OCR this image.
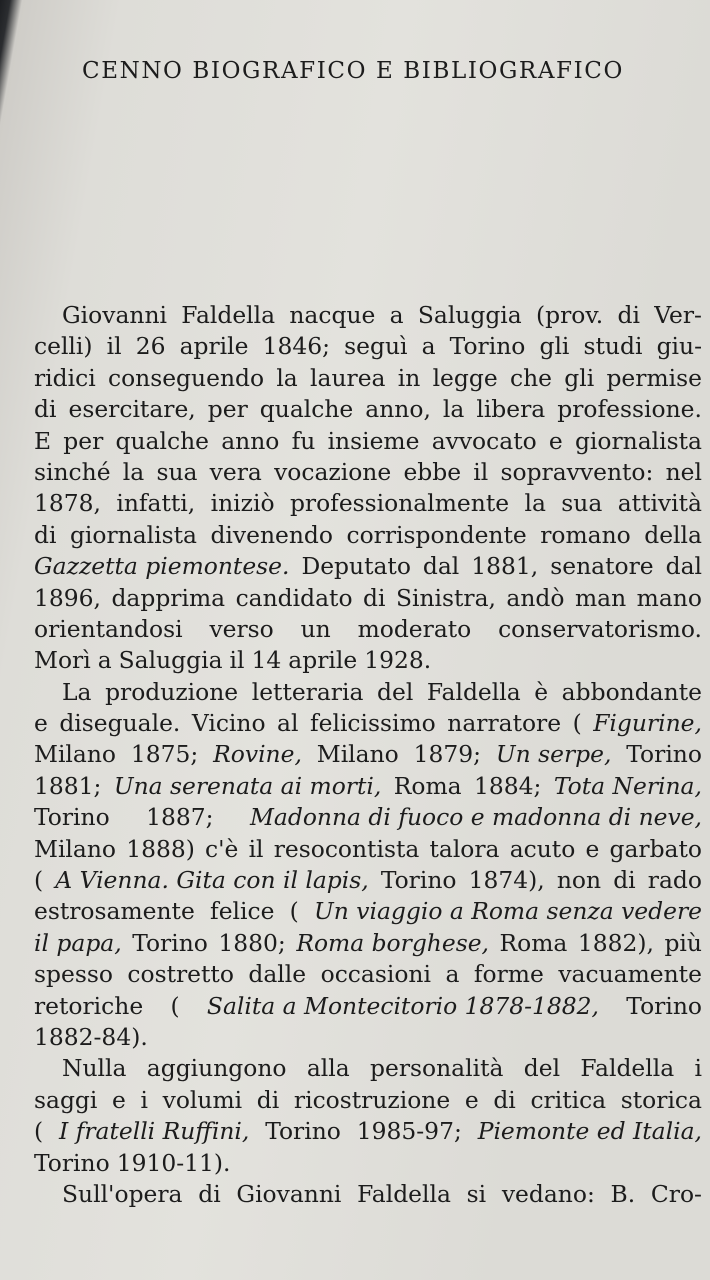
CENNO BIOGRAFICO E BIBLIOGRAFICO
Giovanni Faldella nacque a Saluggia (prov. di Ver-
celli) il 26 aprile 1846; seguì a Torino gli studi giu-
ridici conseguendo la laurea in legge che gli permise
di esercitare, per qualche anno, la libera professione.
E per qualche anno fu insieme avvocato e giornalista
sinché la sua vera vocazione ebbe il sopravvento: nel
1878, infatti, iniziò professionalmente la sua attività
di giornalista divenendo corrispondente romano della
Gazzetta piemontese. Deputato dal 1881, senatore dal
1896, dapprima candidato di Sinistra, andò man mano
orientandosi verso un moderato conservatorismo.
Morì a Saluggia il 14 aprile 1928.
La produzione letteraria del Faldella è abbondante
e diseguale. Vicino al felicissimo narratore ( Figurine,
Milano 1875; Rovine, Milano 1879; Un serpe, Torino
1881; Una serenata ai morti, Roma 1884; Tota Nerina,
Torino 1887; Madonna di fuoco e madonna di neve,
Milano 1888) c'è il resocontista talora acuto e garbato
( A Vienna. Gita con il lapis, Torino 1874), non di rado
estrosamente felice ( Un viaggio a Roma senza vedere
il papa, Torino 1880; Roma borghese, Roma 1882), più
spesso costretto dalle occasioni a forme vacuamente
retoriche ( Salita a Montecitorio 1878-1882, Torino
1882-84).
Nulla aggiungono alla personalità del Faldella i
saggi e i volumi di ricostruzione e di critica storica
( I fratelli Ruffini, Torino 1985-97; Piemonte ed Italia,
Torino 1910-11).
Sull'opera di Giovanni Faldella si vedano: B. Cro-
